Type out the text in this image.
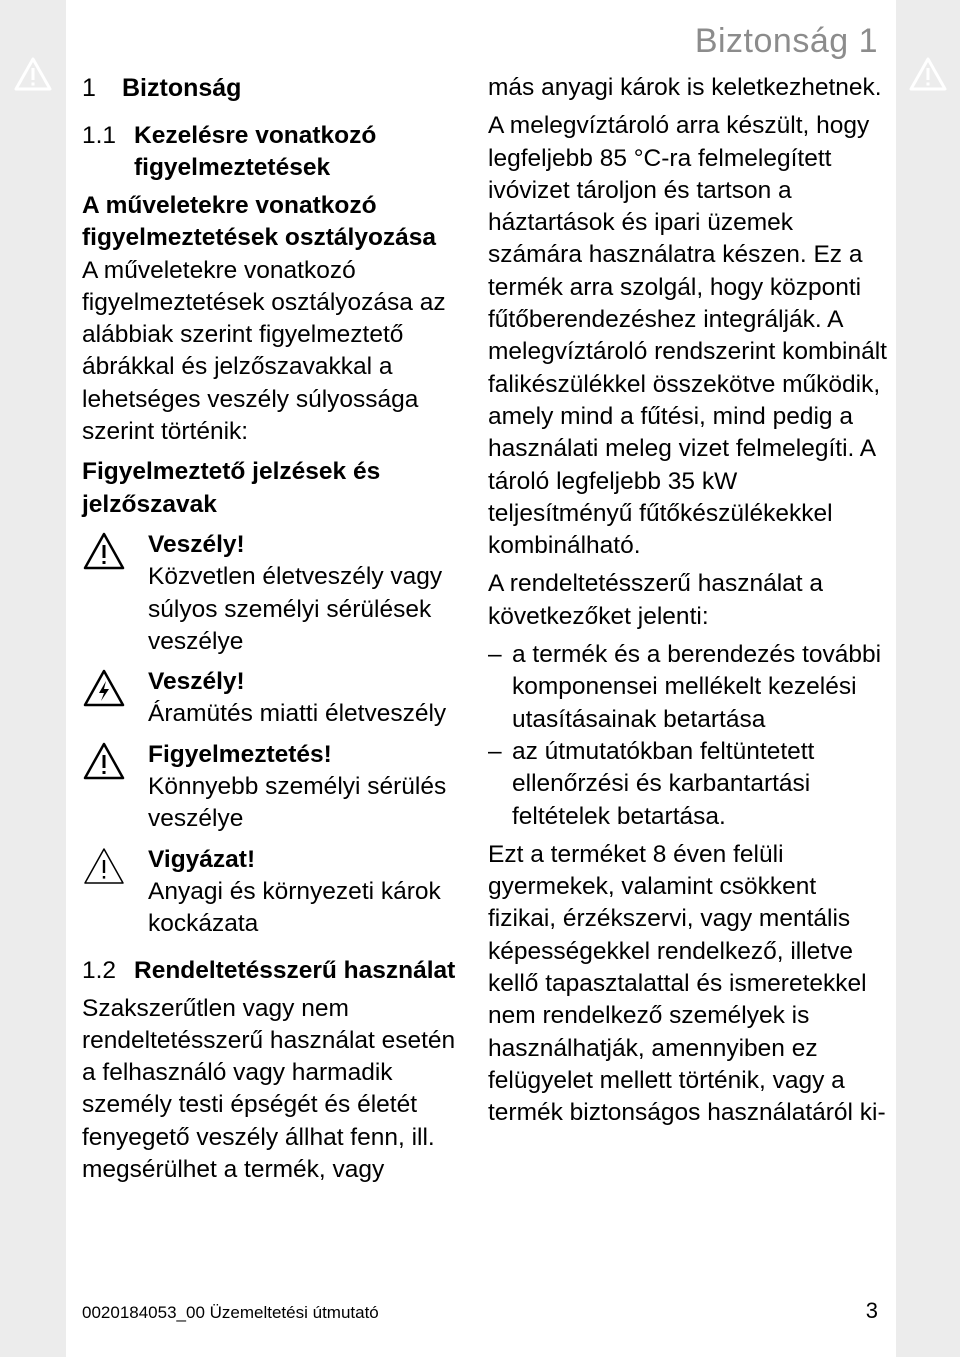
Biztonság 1
1 Biztonság
1.1 Kezelésre vonatkozó figyelmeztetések
A műveletekre vonatkozó figyelmeztetések osztályozása

A műveletekre vonatkozó figyelmeztetések osztályozása az alábbiak szerint figyelmeztető ábrákkal és jelzőszavakkal a lehetséges veszély súlyossága szerint történik:

Figyelmeztető jelzések és jelzőszavak
Veszély!
Közvetlen életveszély vagy súlyos személyi sérülések veszélye
Veszély!
Áramütés miatti életveszély
Figyelmeztetés!
Könnyebb személyi sérülés veszélye
Vigyázat!
Anyagi és környezeti károk kockázata
1.2 Rendeltetésszerű használat

Szakszerűtlen vagy nem rendeltetésszerű használat esetén a felhasználó vagy harmadik személy testi épségét és életét fenyegető veszély állhat fenn, ill. megsérülhet a termék, vagy

más anyagi károk is keletkezhetnek.

A melegvíztároló arra készült, hogy legfeljebb 85 °C-ra felmelegített ivóvizet tároljon és tartson a háztartások és ipari üzemek számára használatra készen. Ez a termék arra szolgál, hogy központi fűtőberendezéshez integrálják. A melegvíztároló rendszerint kombinált falikészülékkel összekötve működik, amely mind a fűtési, mind pedig a használati meleg vizet felmelegíti. A tároló legfeljebb 35 kW teljesítményű fűtőkészülékekkel kombinálható.

A rendeltetésszerű használat a következőket jelenti:

– a termék és a berendezés további komponensei mellékelt kezelési utasításainak betartása
– az útmutatókban feltüntetett ellenőrzési és karbantartási feltételek betartása.

Ezt a terméket 8 éven felüli gyermekek, valamint csökkent fizikai, érzékszervi, vagy mentális képességekkel rendelkező, illetve kellő tapasztalattal és ismeretekkel nem rendelkező személyek is használhatják, amennyiben ez felügyelet mellett történik, vagy a termék biztonságos használatáról ki-

0020184053_00 Üzemeltetési útmutató	3
